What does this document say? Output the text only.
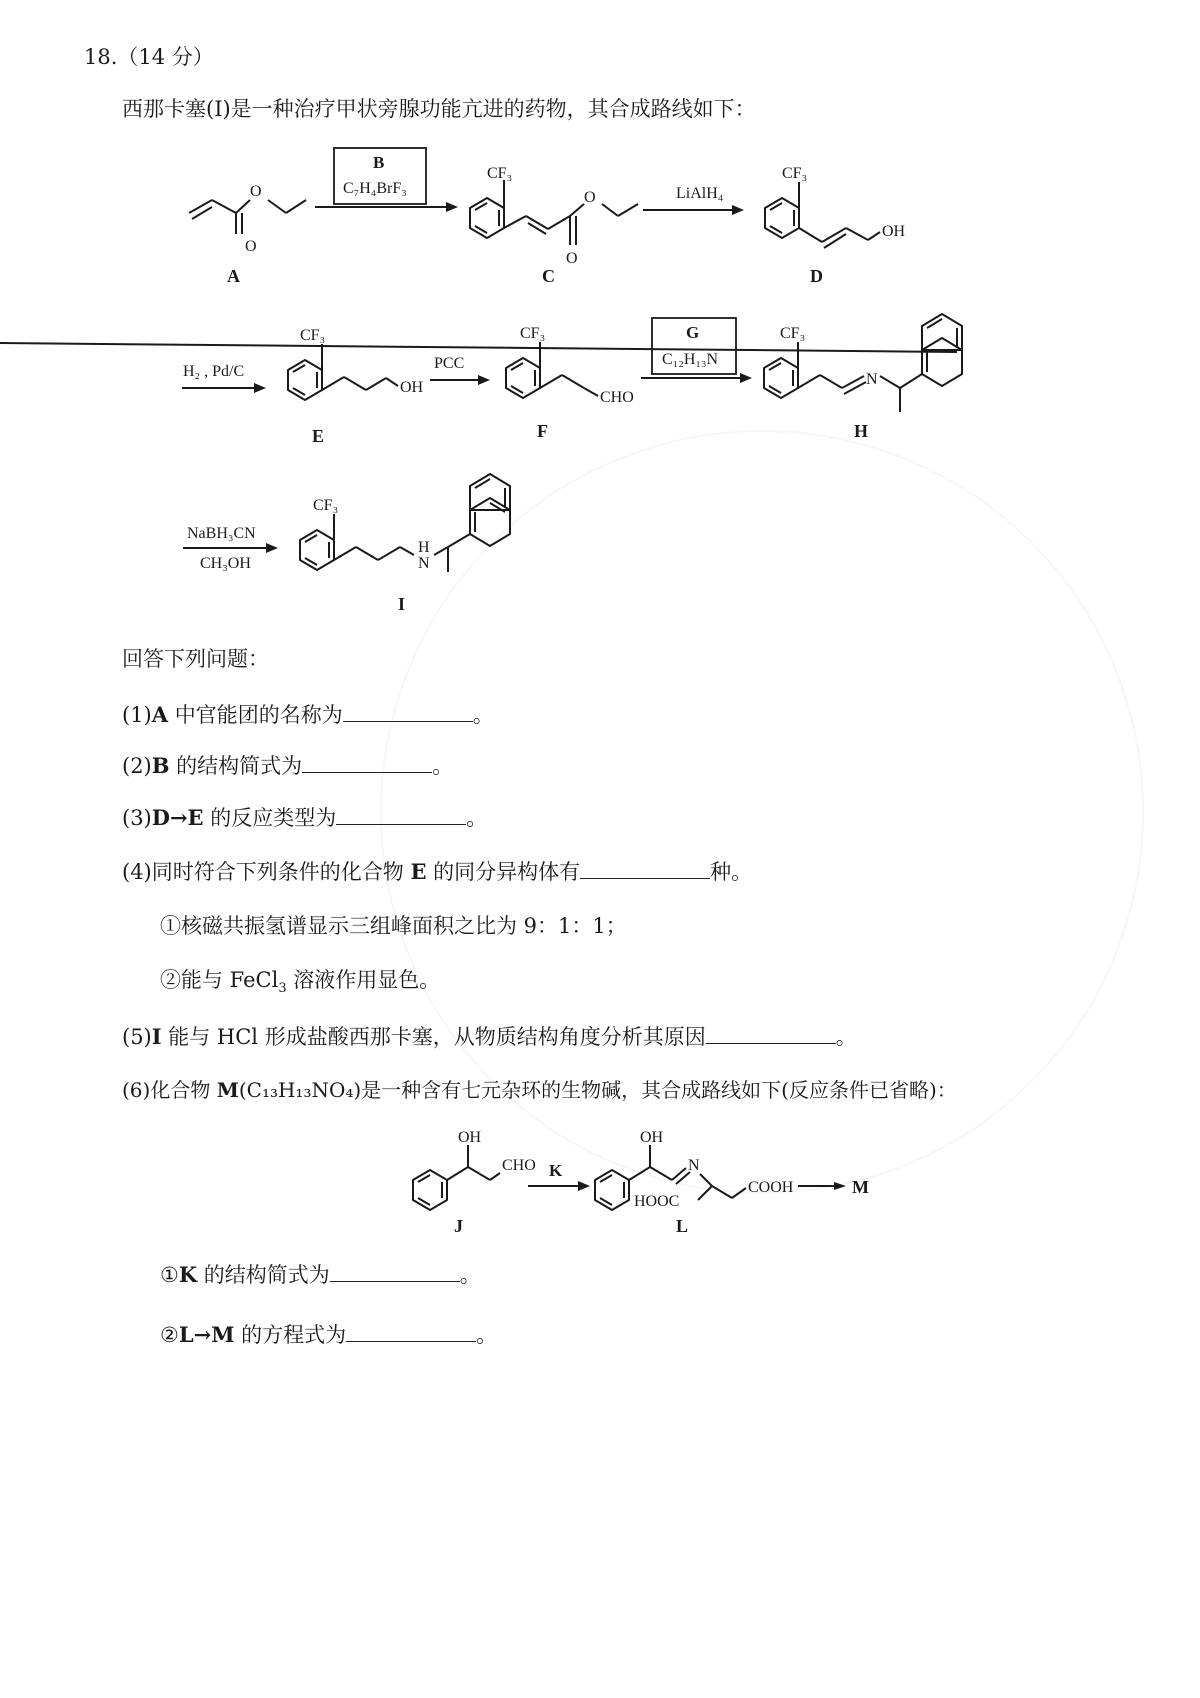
18.（14 分）
西那卡塞(I)是一种治疗甲状旁腺功能亢进的药物，其合成路线如下：
O
O
B
C₇H₄BrF₃
CF₃
O
O
LiAlH₄
CF₃
OH
H₂ , Pd/C
CF₃
OH
PCC
CF₃
CHO
G
C₁₂H₁₃N
CF₃
N
NaBH₃CN
CH₃OH
CF₃
H
N
A	C	D
E	F	H
I
OH
CHO K
OH
N
HOOC
COOH	M
J	L
回答下列问题：
(1)A 中官能团的名称为	。
(2)B 的结构简式为	。
(3)D→E 的反应类型为	。
(4)同时符合下列条件的化合物 E 的同分异构体有	种。
①核磁共振氢谱显示三组峰面积之比为 9：1：1；
②能与 FeCl$_3$ 溶液作用显色。
(5)I 能与 HCl 形成盐酸西那卡塞，从物质结构角度分析其原因	。
(6)化合物 M(C₁₃H₁₃NO₄)是一种含有七元杂环的生物碱，其合成路线如下(反应条件已省略)：
①K 的结构简式为	。
②L→M 的方程式为	。
